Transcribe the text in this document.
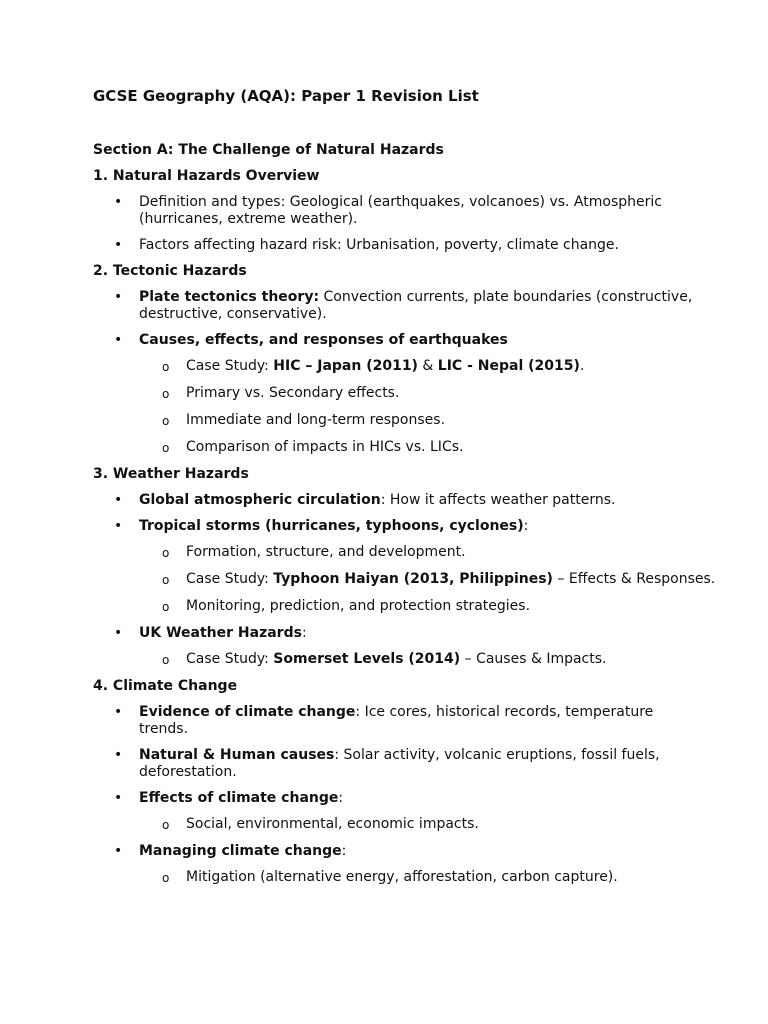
GCSE Geography (AQA): Paper 1 Revision List
Section A: The Challenge of Natural Hazards
1. Natural Hazards Overview
• Definition and types: Geological (earthquakes, volcanoes) vs. Atmospheric (hurricanes, extreme weather).
• Factors affecting hazard risk: Urbanisation, poverty, climate change.
2. Tectonic Hazards
• Plate tectonics theory: Convection currents, plate boundaries (constructive, destructive, conservative).
• Causes, effects, and responses of earthquakes
o Case Study: HIC – Japan (2011) & LIC - Nepal (2015).
o Primary vs. Secondary effects.
o Immediate and long-term responses.
o Comparison of impacts in HICs vs. LICs.
3. Weather Hazards
• Global atmospheric circulation: How it affects weather patterns.
• Tropical storms (hurricanes, typhoons, cyclones):
o Formation, structure, and development.
o Case Study: Typhoon Haiyan (2013, Philippines) – Effects & Responses.
o Monitoring, prediction, and protection strategies.
• UK Weather Hazards:
o Case Study: Somerset Levels (2014) – Causes & Impacts.
4. Climate Change
• Evidence of climate change: Ice cores, historical records, temperature trends.
• Natural & Human causes: Solar activity, volcanic eruptions, fossil fuels, deforestation.
• Effects of climate change:
o Social, environmental, economic impacts.
• Managing climate change:
o Mitigation (alternative energy, afforestation, carbon capture).
